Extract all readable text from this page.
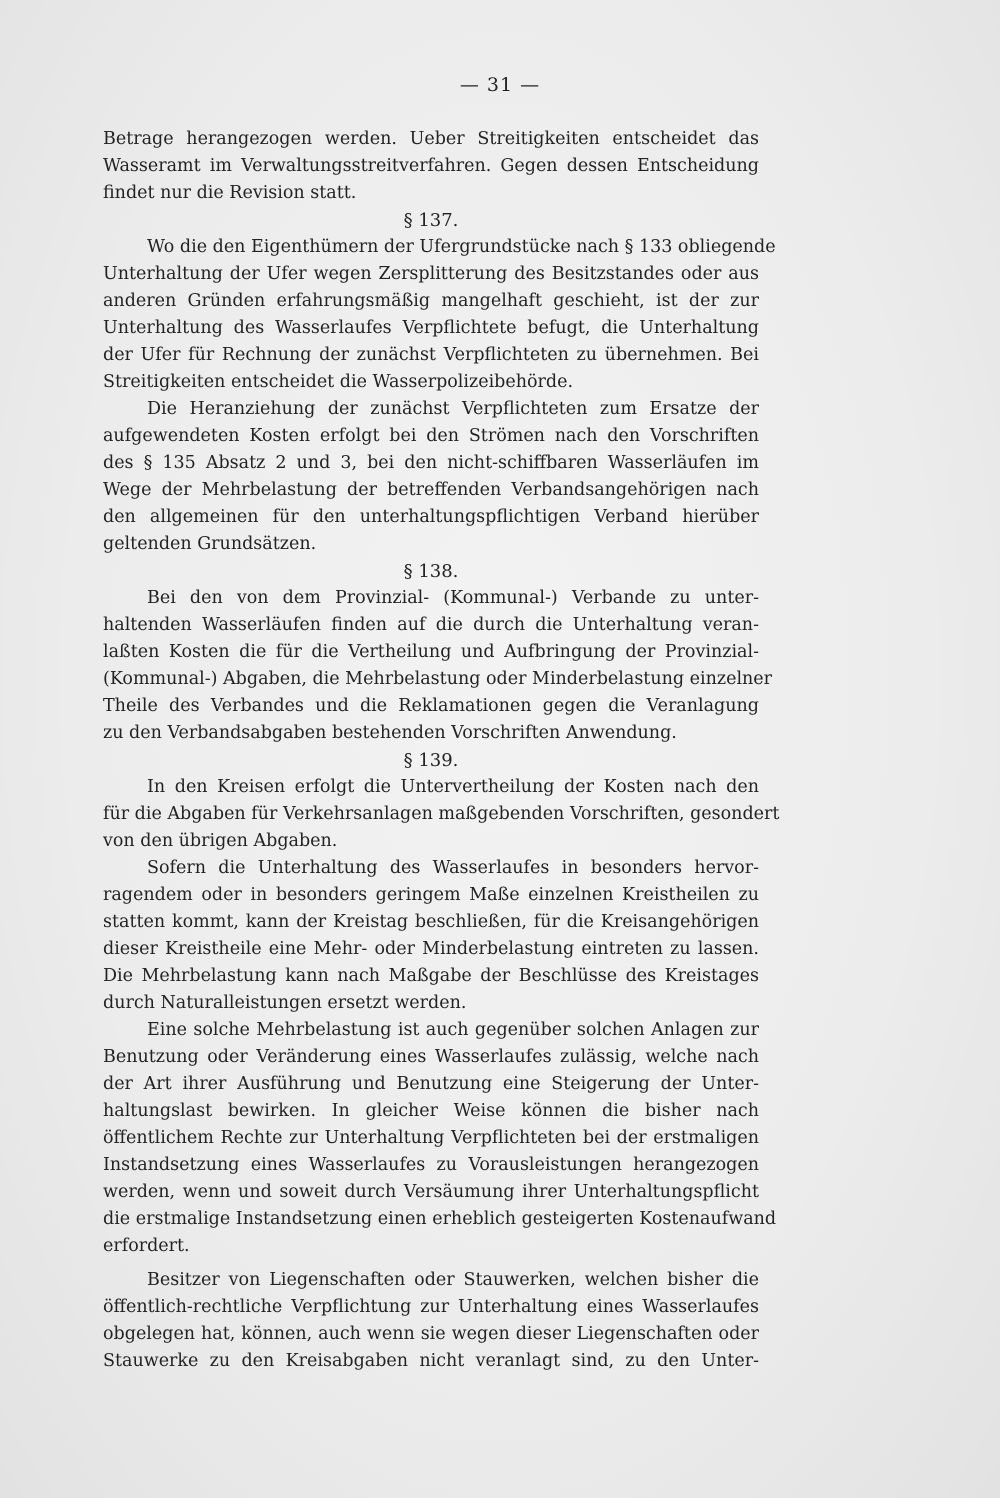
— 31 —
Betrage herangezogen werden. Ueber Streitigkeiten entscheidet das
Wasseramt im Verwaltungsstreitverfahren. Gegen dessen Entscheidung
findet nur die Revision statt.
§ 137.
Wo die den Eigenthümern der Ufergrundstücke nach § 133 obliegende
Unterhaltung der Ufer wegen Zersplitterung des Besitzstandes oder aus
anderen Gründen erfahrungsmäßig mangelhaft geschieht, ist der zur
Unterhaltung des Wasserlaufes Verpflichtete befugt, die Unterhaltung
der Ufer für Rechnung der zunächst Verpflichteten zu übernehmen. Bei
Streitigkeiten entscheidet die Wasserpolizeibehörde.
Die Heranziehung der zunächst Verpflichteten zum Ersatze der
aufgewendeten Kosten erfolgt bei den Strömen nach den Vorschriften
des § 135 Absatz 2 und 3, bei den nicht-schiffbaren Wasserläufen im
Wege der Mehrbelastung der betreffenden Verbandsangehörigen nach
den allgemeinen für den unterhaltungspflichtigen Verband hierüber
geltenden Grundsätzen.
§ 138.
Bei den von dem Provinzial- (Kommunal-) Verbande zu unter-
haltenden Wasserläufen finden auf die durch die Unterhaltung veran-
laßten Kosten die für die Vertheilung und Aufbringung der Provinzial-
(Kommunal-) Abgaben, die Mehrbelastung oder Minderbelastung einzelner
Theile des Verbandes und die Reklamationen gegen die Veranlagung
zu den Verbandsabgaben bestehenden Vorschriften Anwendung.
§ 139.
In den Kreisen erfolgt die Untervertheilung der Kosten nach den
für die Abgaben für Verkehrsanlagen maßgebenden Vorschriften, gesondert
von den übrigen Abgaben.
Sofern die Unterhaltung des Wasserlaufes in besonders hervor-
ragendem oder in besonders geringem Maße einzelnen Kreistheilen zu
statten kommt, kann der Kreistag beschließen, für die Kreisangehörigen
dieser Kreistheile eine Mehr- oder Minderbelastung eintreten zu lassen.
Die Mehrbelastung kann nach Maßgabe der Beschlüsse des Kreistages
durch Naturalleistungen ersetzt werden.
Eine solche Mehrbelastung ist auch gegenüber solchen Anlagen zur
Benutzung oder Veränderung eines Wasserlaufes zulässig, welche nach
der Art ihrer Ausführung und Benutzung eine Steigerung der Unter-
haltungslast bewirken. In gleicher Weise können die bisher nach
öffentlichem Rechte zur Unterhaltung Verpflichteten bei der erstmaligen
Instandsetzung eines Wasserlaufes zu Vorausleistungen herangezogen
werden, wenn und soweit durch Versäumung ihrer Unterhaltungspflicht
die erstmalige Instandsetzung einen erheblich gesteigerten Kostenaufwand
erfordert.
Besitzer von Liegenschaften oder Stauwerken, welchen bisher die
öffentlich-rechtliche Verpflichtung zur Unterhaltung eines Wasserlaufes
obgelegen hat, können, auch wenn sie wegen dieser Liegenschaften oder
Stauwerke zu den Kreisabgaben nicht veranlagt sind, zu den Unter-
